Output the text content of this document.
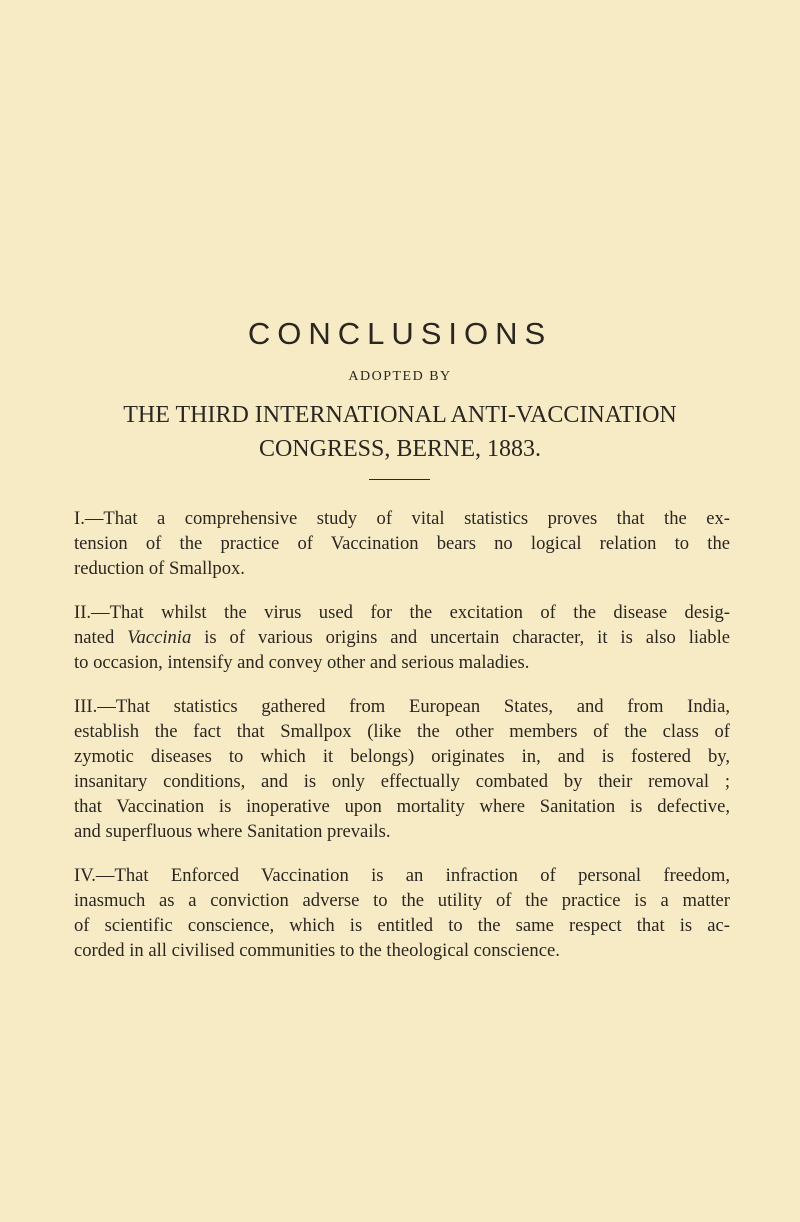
CONCLUSIONS
ADOPTED BY
THE THIRD INTERNATIONAL ANTI-VACCINATION
CONGRESS, BERNE, 1883.
I.—That a comprehensive study of vital statistics proves that the ex-
tension of the practice of Vaccination bears no logical relation to the
reduction of Smallpox.
II.—That whilst the virus used for the excitation of the disease desig-
nated Vaccinia is of various origins and uncertain character, it is also liable
to occasion, intensify and convey other and serious maladies.
III.—That statistics gathered from European States, and from India,
establish the fact that Smallpox (like the other members of the class of
zymotic diseases to which it belongs) originates in, and is fostered by,
insanitary conditions, and is only effectually combated by their removal ;
that Vaccination is inoperative upon mortality where Sanitation is defective,
and superfluous where Sanitation prevails.
IV.—That Enforced Vaccination is an infraction of personal freedom,
inasmuch as a conviction adverse to the utility of the practice is a matter
of scientific conscience, which is entitled to the same respect that is ac-
corded in all civilised communities to the theological conscience.
